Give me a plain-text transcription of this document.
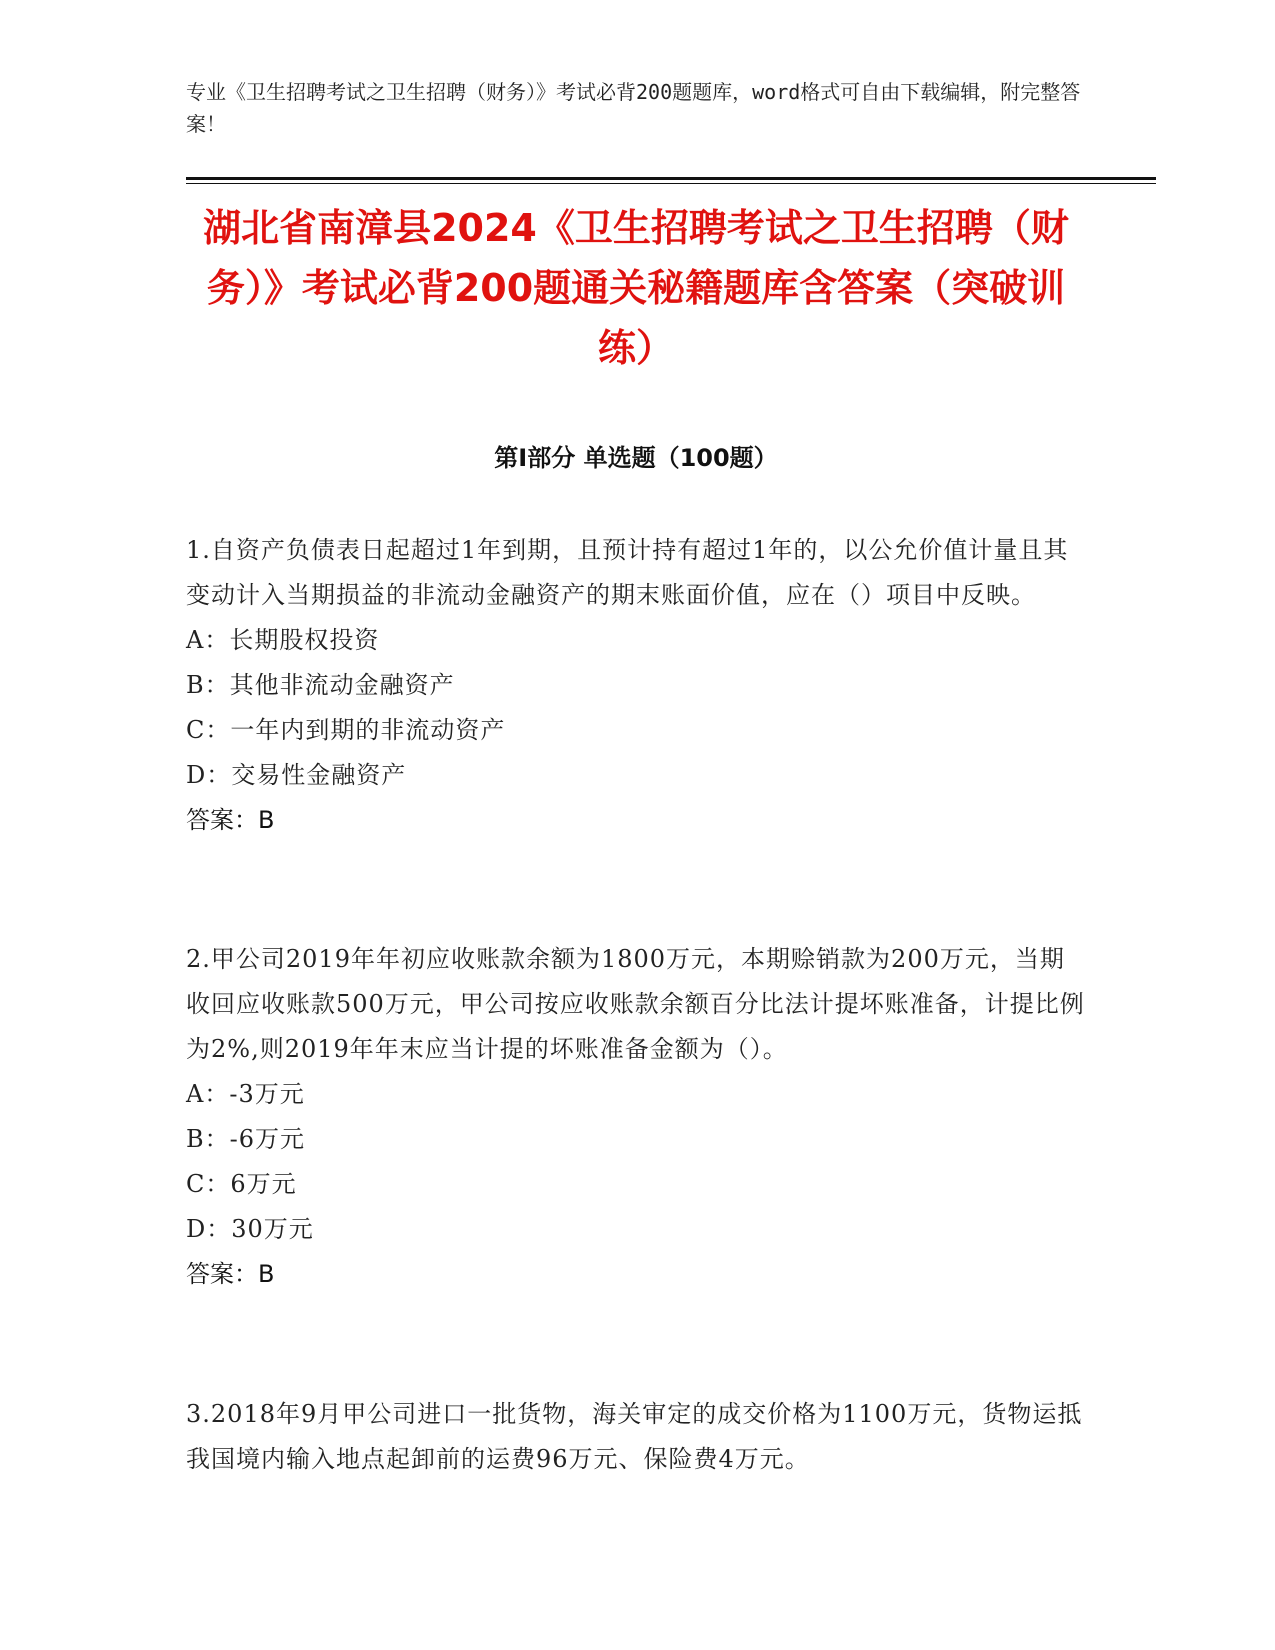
专业《卫生招聘考试之卫生招聘（财务）》考试必背200题题库，word格式可自由下载编辑，附完整答案！
湖北省南漳县2024《卫生招聘考试之卫生招聘（财务）》考试必背200题通关秘籍题库含答案（突破训练）
第Ⅰ部分 单选题（100题）
1.自资产负债表日起超过1年到期，且预计持有超过1年的，以公允价值计量且其变动计入当期损益的非流动金融资产的期末账面价值，应在（）项目中反映。
A：长期股权投资
B：其他非流动金融资产
C：一年内到期的非流动资产
D：交易性金融资产
答案：B
2.甲公司2019年年初应收账款余额为1800万元，本期赊销款为200万元，当期收回应收账款500万元，甲公司按应收账款余额百分比法计提坏账准备，计提比例为2%,则2019年年末应当计提的坏账准备金额为（）。
A：-3万元
B：-6万元
C：6万元
D：30万元
答案：B
3.2018年9月甲公司进口一批货物，海关审定的成交价格为1100万元，货物运抵我国境内输入地点起卸前的运费96万元、保险费4万元。
